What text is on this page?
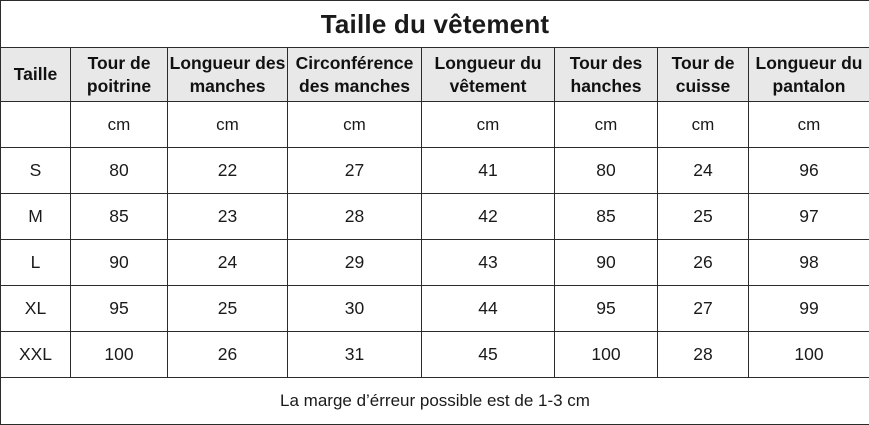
Taille du vêtement							
Taille	Tour de poitrine	Longueur des manches	Circonférence des manches	Longueur du vêtement	Tour des hanches	Tour de cuisse	Longueur du pantalon
	cm	cm	cm	cm	cm	cm	cm
S	80	22	27	41	80	24	96
M	85	23	28	42	85	25	97
L	90	24	29	43	90	26	98
XL	95	25	30	44	95	27	99
XXL	100	26	31	45	100	28	100
La marge d’érreur possible est de 1-3 cm							
